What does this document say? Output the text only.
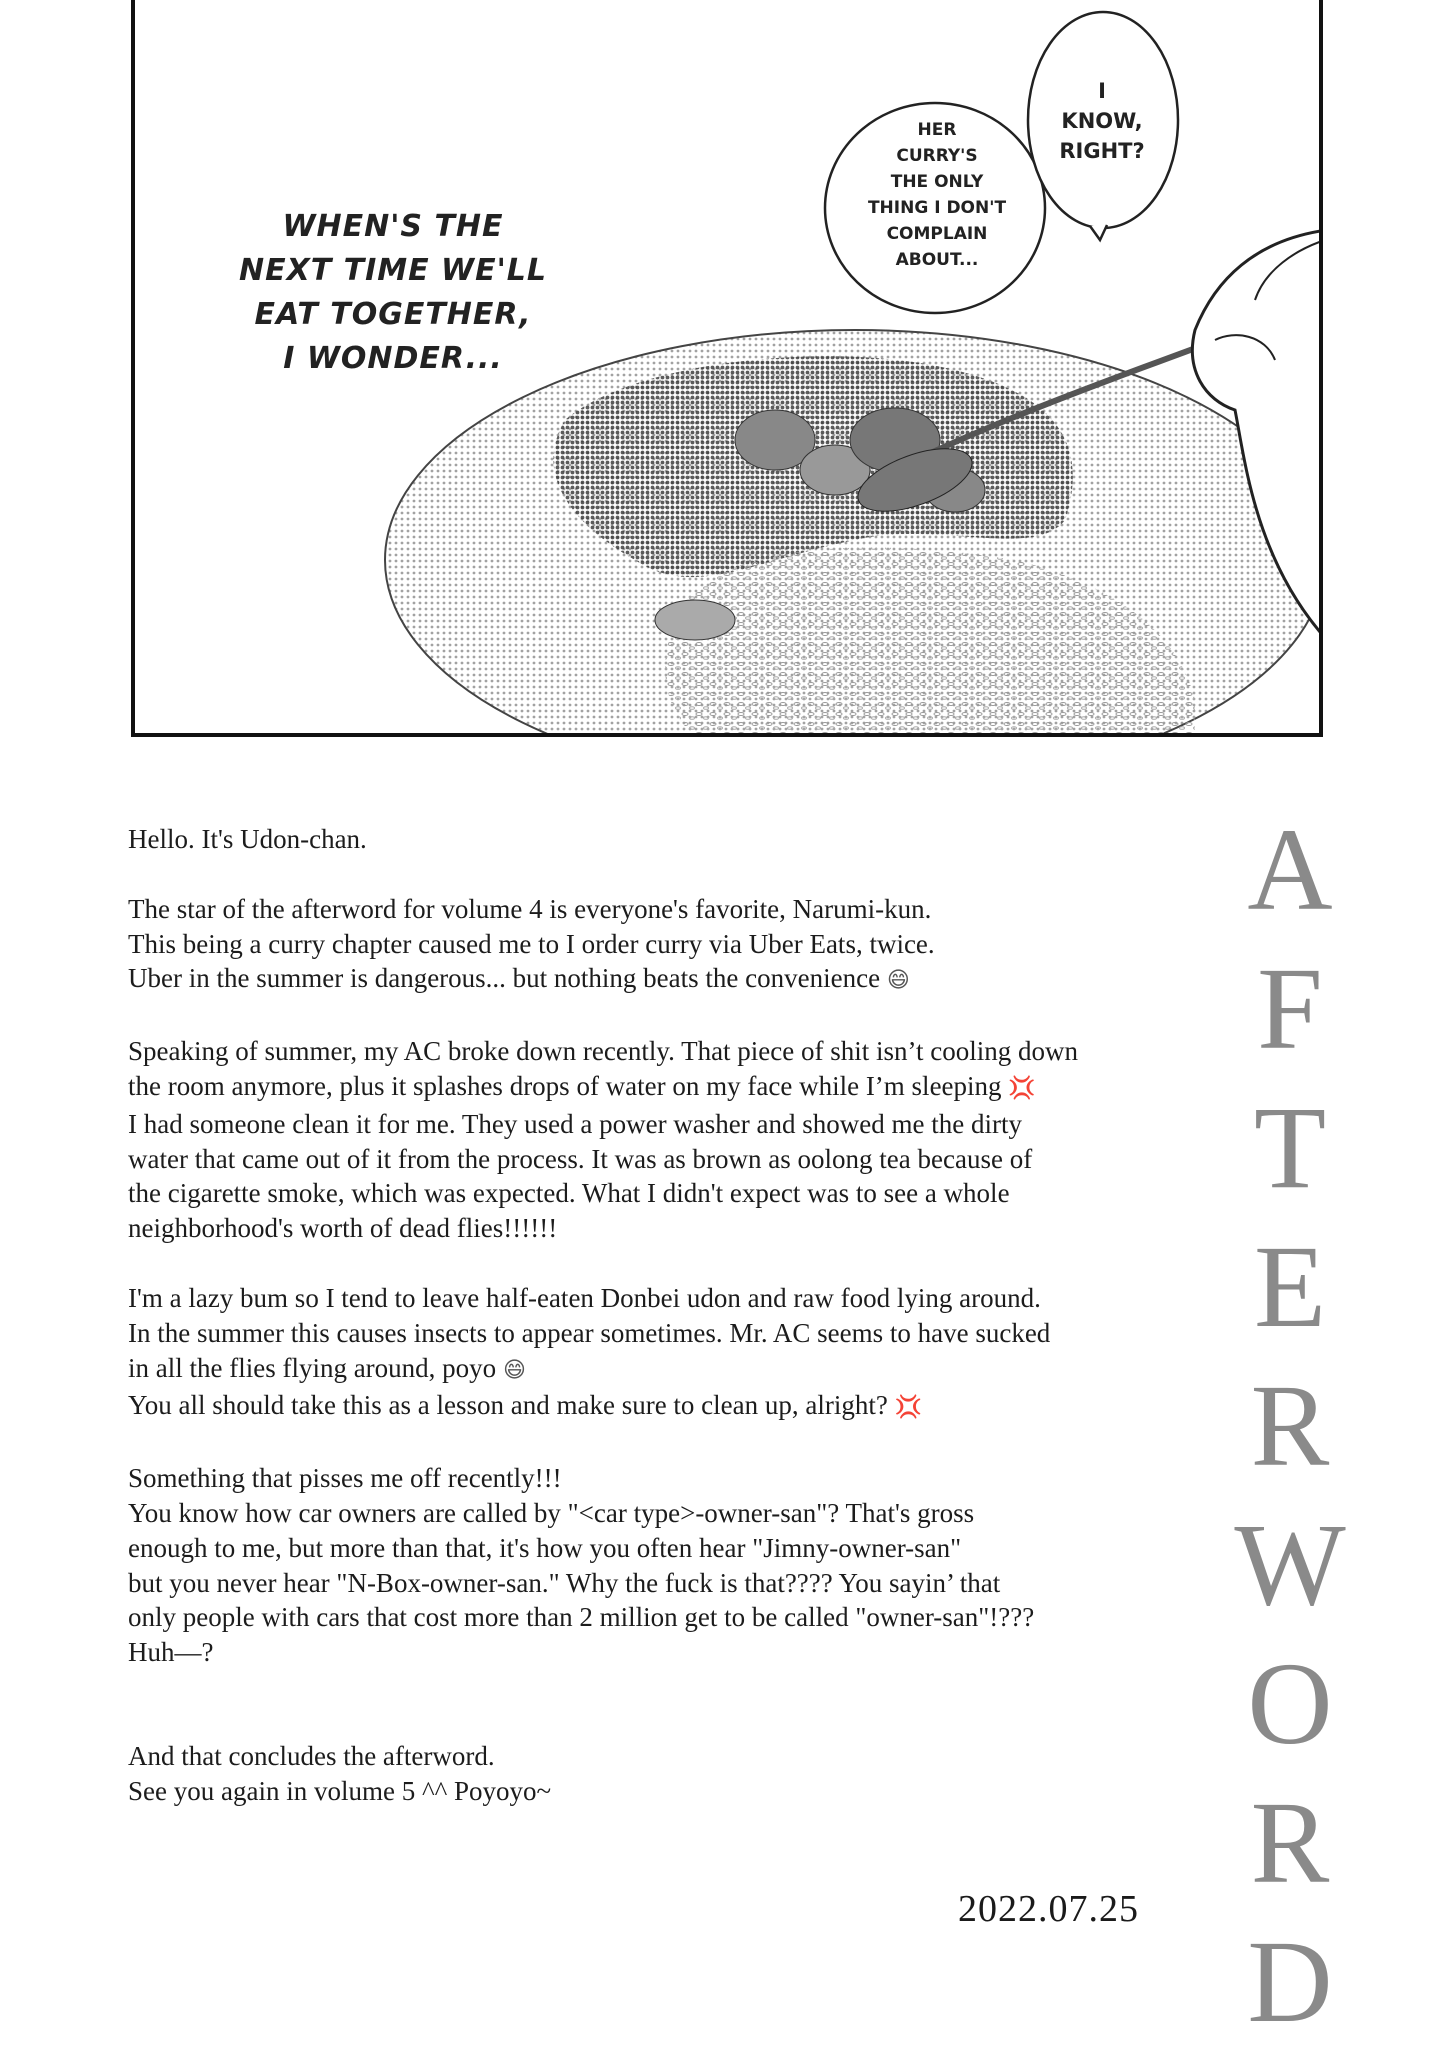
WHEN'S THE
NEXT TIME WE'LL
EAT TOGETHER,
I WONDER...
HER
CURRY'S
THE ONLY
THING I DON'T
COMPLAIN
ABOUT...
I
KNOW,
RIGHT?
Hello. It's Udon-chan.
The star of the afterword for volume 4 is everyone's favorite, Narumi-kun.
This being a curry chapter caused me to I order curry via Uber Eats, twice.
Uber in the summer is dangerous... but nothing beats the convenience 😄
Speaking of summer, my AC broke down recently. That piece of shit isn’t cooling down
the room anymore, plus it splashes drops of water on my face while I’m sleeping 💢
I had someone clean it for me. They used a power washer and showed me the dirty
water that came out of it from the process. It was as brown as oolong tea because of
the cigarette smoke, which was expected. What I didn't expect was to see a whole
neighborhood's worth of dead flies!!!!!!
I'm a lazy bum so I tend to leave half-eaten Donbei udon and raw food lying around.
In the summer this causes insects to appear sometimes. Mr. AC seems to have sucked
in all the flies flying around, poyo 😄
You all should take this as a lesson and make sure to clean up, alright? 💢
Something that pisses me off recently!!!
You know how car owners are called by "<car type>-owner-san"? That's gross
enough to me, but more than that, it's how you often hear "Jimny-owner-san"
but you never hear "N-Box-owner-san." Why the fuck is that???? You sayin’ that
only people with cars that cost more than 2 million get to be called "owner-san"!???
Huh—?
And that concludes the afterword.
See you again in volume 5 ^^ Poyoyo~
A
F
T
E
R
W
O
R
D
2022.07.25
